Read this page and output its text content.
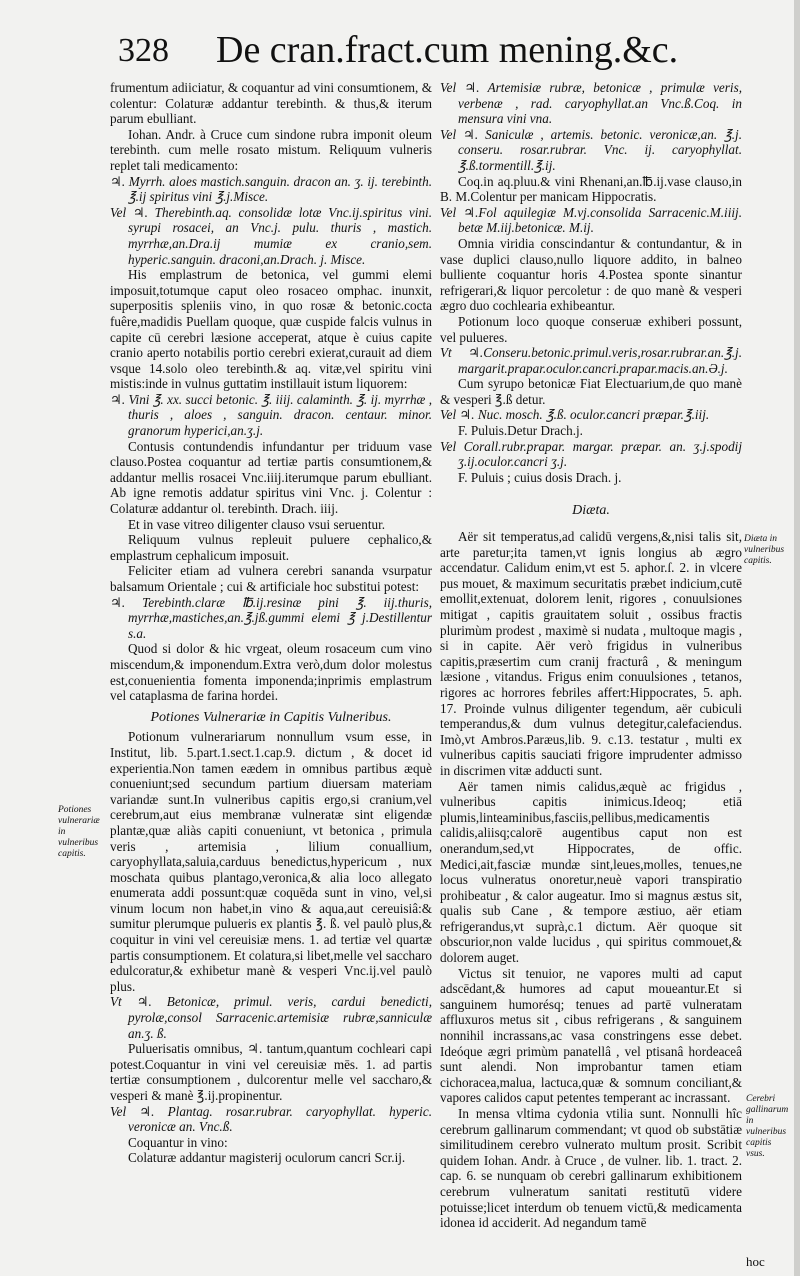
328 De cran.fract.cum mening.&c.

frumentum adiiciatur, & coquantur ad vini consumtionem, & colentur: Colaturæ addantur terebinth. & thus,& iterum parum ebulliant.

Iohan. Andr. à Cruce cum sindone rubra imponit oleum terebinth. cum melle rosato mistum. Reliquum vulneris replet tali medicamento:

♃. Myrrh. aloes mastich.sanguin. dracon an. ʒ. ij. terebinth. ℥.ij spiritus vini ℥.j.Misce.

Vel ♃. Therebinth.aq. consolidæ lotæ Vnc.ij.spiritus vini. syrupi rosacei, an Vnc.j. pulu. thuris , mastich. myrrhæ,an.Dra.ij mumiæ ex cranio,sem. hyperic.sanguin. draconi,an.Drach. j. Misce.

His emplastrum de betonica, vel gummi elemi imposuit,totumque caput oleo rosaceo omphac. inunxit, superpositis spleniis vino, in quo rosæ & betonic.cocta fuêre,madidis Puellam quoque, quæ cuspide falcis vulnus in capite cū cerebri læsione acceperat, atque è cuius capite cranio aperto notabilis portio cerebri exierat,curauit ad diem vsque 14.solo oleo terebinth.& aq. vitæ,vel spiritu vini mistis:inde in vulnus guttatim instillauit istum liquorem:

♃. Vini ℥. xx. succi betonic. ℥. iiij. calaminth. ℥. ij. myrrhæ , thuris , aloes , sanguin. dracon. centaur. minor. granorum hyperici,an.ʒ.j.

Contusis contundendis infundantur per triduum vase clauso.Postea coquantur ad tertiæ partis consumtionem,& addantur mellis rosacei Vnc.iiij.iterumque parum ebulliant. Ab igne remotis addatur spiritus vini Vnc. j. Colentur : Colaturæ addantur ol. terebinth. Drach. iiij.

Et in vase vitreo diligenter clauso vsui seruentur.

Reliquum vulnus repleuit puluere cephalico,& emplastrum cephalicum imposuit.

Feliciter etiam ad vulnera cerebri sananda vsurpatur balsamum Orientale ; cui & artificiale hoc substitui potest:

♃. Terebinth.claræ ℔.ij.resinæ pini ℥. iij.thuris, myrrhæ,mastiches,an.℥.jß.gummi elemi ℥ j.Destillentur s.a.

Quod si dolor & hic vrgeat, oleum rosaceum cum vino miscendum,& imponendum.Extra verò,dum dolor molestus est,conuenientia fomenta imponenda;inprimis emplastrum vel cataplasma de farina hordei.

Potiones Vulnerariæ in Capitis Vulneribus.

Potionum vulnerariarum nonnullum vsum esse, in Institut, lib. 5.part.1.sect.1.cap.9. dictum , & docet id experientia.Non tamen eædem in omnibus partibus æquè conueniunt;sed secundum partium diuersam materiam variandæ sunt.In vulneribus capitis ergo,si cranium,vel cerebrum,aut eius membranæ vulneratæ sint eligendæ plantæ,quæ aliàs capiti conueniunt, vt betonica , primula veris , artemisia , lilium conuallium, caryophyllata,saluia,carduus benedictus,hypericum , nux moschata quibus plantago,veronica,& alia loco allegato enumerata addi possunt:quæ coquēda sunt in vino, vel,si vinum locum non habet,in vino & aqua,aut cereuisiâ:& sumitur plerumque pulueris ex plantis ℥. ß. vel paulò plus,& coquitur in vini vel cereuisiæ mens. 1. ad tertiæ vel quartæ partis consumptionem. Et colatura,si libet,melle vel saccharo edulcoratur,& exhibetur manè & vesperi Vnc.ij.vel paulò plus.

Vt ♃. Betonicæ, primul. veris, cardui benedicti, pyrolæ,consol Sarracenic.artemisiæ rubræ,sanniculæ an.ʒ. ß.

Puluerisatis omnibus, ♃. tantum,quantum cochleari capi potest.Coquantur in vini vel cereuisiæ mēs. 1. ad partis tertiæ consumptionem , dulcorentur melle vel saccharo,& vesperi & manè ℥.ij.propinentur.

Vel ♃. Plantag. rosar.rubrar. caryophyllat. hyperic. veronicæ an. Vnc.ß.

Coquantur in vino:

Colaturæ addantur magisterij oculorum cancri Scr.ij.

Vel ♃. Artemisiæ rubræ, betonicæ , primulæ veris, verbenæ , rad. caryophyllat.an Vnc.ß.Coq. in mensura vini vna.

Vel ♃. Saniculæ , artemis. betonic. veronicæ,an. ℥.j. conseru. rosar.rubrar. Vnc. ij. caryophyllat. ℥.ß.tormentill.℥.ij.

Coq.in aq.pluu.& vini Rhenani,an.℔.ij.vase clauso,in B. M.Colentur per manicam Hippocratis.

Vel ♃.Fol aquilegiæ M.vj.consolida Sarracenic.M.iiij. betæ M.iij.betonicæ. M.ij.

Omnia viridia conscindantur & contundantur, & in vase duplici clauso,nullo liquore addito, in balneo bulliente coquantur horis 4.Postea sponte sinantur refrigerari,& liquor percoletur : de quo manè & vesperi ægro duo cochlearia exhibeantur.

Potionum loco quoque conseruæ exhiberi possunt, vel pulueres.

Vt ♃.Conseru.betonic.primul.veris,rosar.rubrar.an.℥.j. margarit.prapar.oculor.cancri.prapar.macis.an.Ə.j.

Cum syrupo betonicæ Fiat Electuarium,de quo manè & vesperi ℥.ß detur.

Vel ♃. Nuc. mosch. ℥.ß. oculor.cancri præpar.℥.iij.

F. Puluis.Detur Drach.j.

Vel Corall.rubr.prapar. margar. præpar. an. ʒ.j.spodij ʒ.ij.oculor.cancri ʒ.j.

F. Puluis ; cuius dosis Drach. j.

Diæta.

Aër sit temperatus,ad calidū vergens,&,nisi talis sit, arte paretur;ita tamen,vt ignis longius ab ægro accendatur. Calidum enim,vt est 5. aphor.ſ. 2. in vlcere pus mouet, & maximum securitatis præbet indicium,cutē emollit,extenuat, dolorem lenit, rigores , conuulsiones mitigat , capitis grauitatem soluit , ossibus fractis plurimùm prodest , maximè si nudata , multoque magis , si in capite. Aër verò frigidus in vulneribus capitis,præsertim cum cranij fracturâ , & meningum læsione , vitandus. Frigus enim conuulsiones , tetanos, rigores ac horrores febriles affert:Hippocrates, 5. aph. 17. Proinde vulnus diligenter tegendum, aër cubiculi temperandus,& dum vulnus detegitur,calefaciendus. Imò,vt Ambros.Paræus,lib. 9. c.13. testatur , multi ex vulneribus capitis sauciati frigore imprudenter admisso in discrimen vitæ adducti sunt.

Aër tamen nimis calidus,æquè ac frigidus , vulneribus capitis inimicus.Ideoq; etiā plumis,linteaminibus,fasciis,pellibus,medicamentis calidis,aliisq;calorē augentibus caput non est onerandum,sed,vt Hippocrates, de offic. Medici,ait,fasciæ mundæ sint,leues,molles, tenues,ne locus vulneratus onoretur,neuè vapori transpiratio prohibeatur , & calor augeatur. Imo si magnus æstus sit, qualis sub Cane , & tempore æstiuo, aër etiam refrigerandus,vt suprà,c.1 dictum. Aër quoque sit obscurior,non valde lucidus , qui spiritus commouet,& dolorem auget.

Victus sit tenuior, ne vapores multi ad caput adscēdant,& humores ad caput moueantur.Et si sanguinem humorésq; tenues ad partē vulneratam affluxuros metus sit , cibus refrigerans , & sanguinem nonnihil incrassans,ac vasa constringens esse debet. Ideóque ægri primùm panatellâ , vel ptisanâ hordeaceâ sunt alendi. Non improbantur tamen etiam cichoracea,malua, lactuca,quæ & somnum conciliant,& vapores calidos caput petentes temperant ac incrassant.

In mensa vltima cydonia vtilia sunt. Nonnulli hîc cerebrum gallinarum commendant; vt quod ob substātiæ similitudinem cerebro vulnerato multum prosit. Scribit quidem Iohan. Andr. à Cruce , de vulner. lib. 1. tract. 2. cap. 6. se nunquam ob cerebri gallinarum exhibitionem cerebrum vulneratum sanitati restitutū videre potuisse;licet interdum ob tenuem victū,& medicamenta idonea id acciderit. Ad negandum tamē

Potiones vulnerariæ in vulneribus capitis.
Diæta in vulneribus capitis.
Cerebri gallinarum in vulneribus capitis vsus.
hoc
